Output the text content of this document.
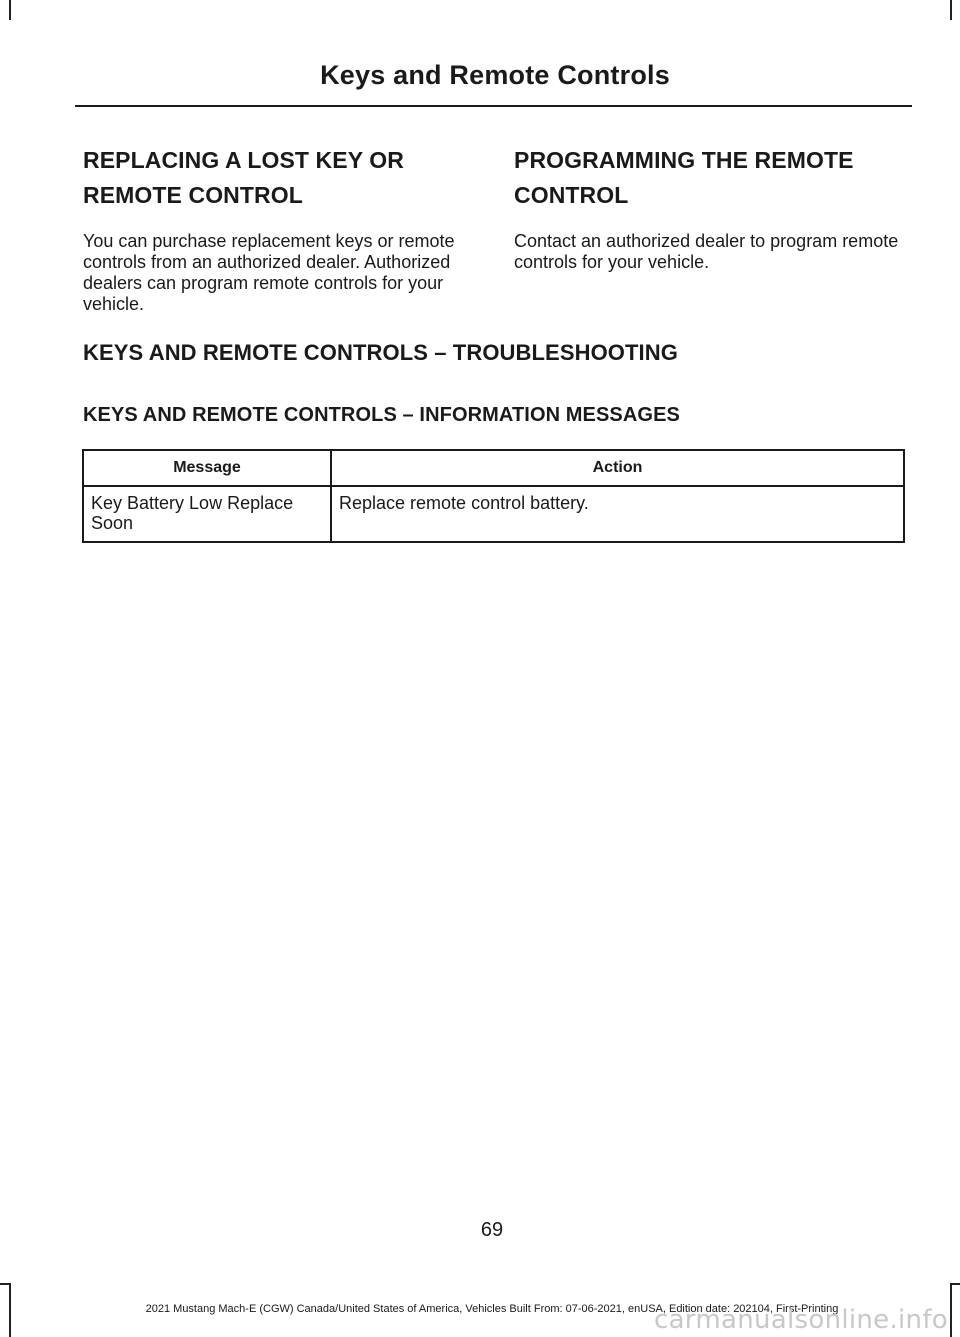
Keys and Remote Controls
REPLACING A LOST KEY OR
REMOTE CONTROL

You can purchase replacement keys or remote controls from an authorized dealer. Authorized dealers can program remote controls for your vehicle.

PROGRAMMING THE REMOTE
CONTROL

Contact an authorized dealer to program remote controls for your vehicle.

KEYS AND REMOTE CONTROLS – TROUBLESHOOTING
KEYS AND REMOTE CONTROLS – INFORMATION MESSAGES
Message	Action
Key Battery Low Replace Soon	Replace remote control battery.
69
2021 Mustang Mach-E (CGW) Canada/United States of America, Vehicles Built From: 07-06-2021, enUSA, Edition date: 202104, First-Printing
carmanualsonline.info
